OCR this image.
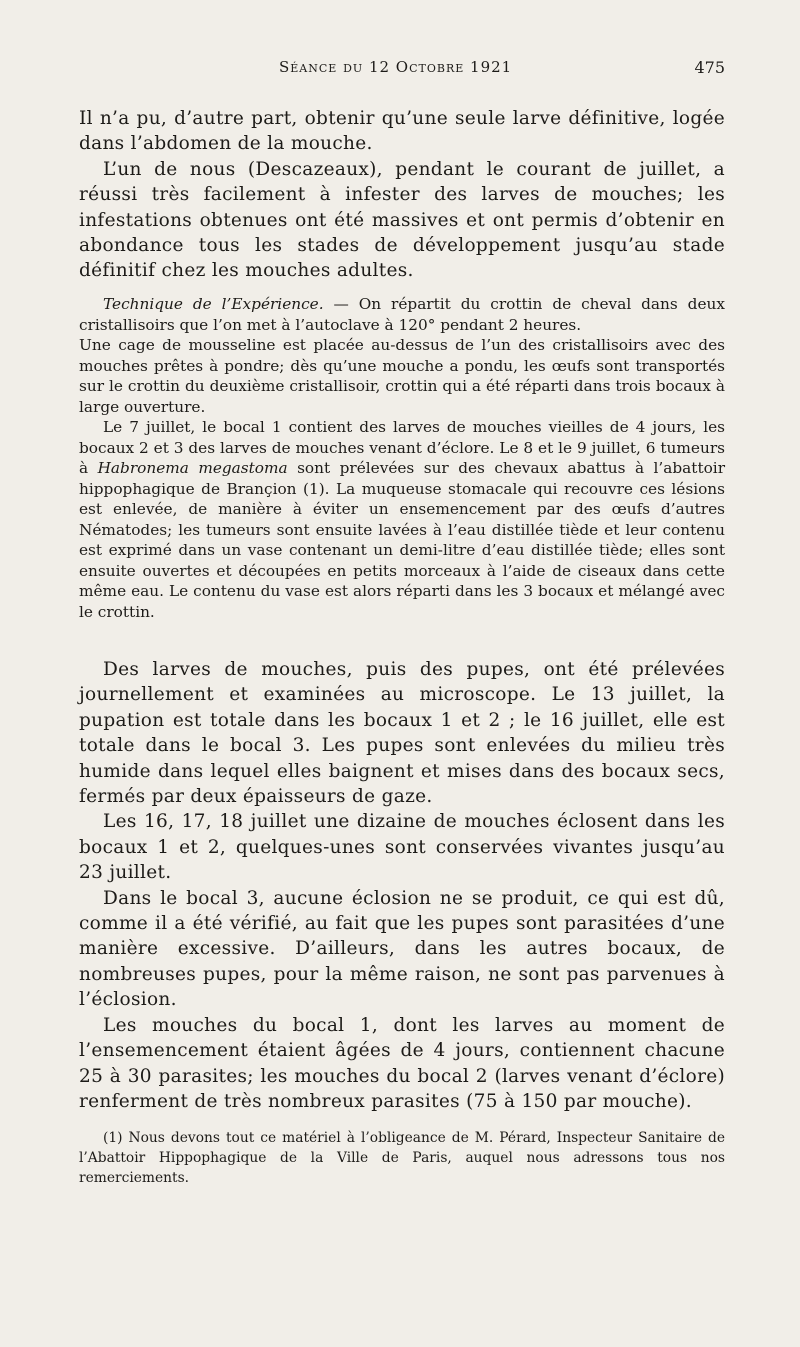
Séance du 12 Octobre 1921	475

Il n’a pu, d’autre part, obtenir qu’une seule larve définitive, logée dans l’abdomen de la mouche.

L’un de nous (Descazeaux), pendant le courant de juillet, a réussi très facilement à infester des larves de mouches; les infestations obtenues ont été massives et ont permis d’obtenir en abondance tous les stades de développement jusqu’au stade définitif chez les mouches adultes.

Technique de l’Expérience. — On répartit du crottin de cheval dans deux cristallisoirs que l’on met à l’autoclave à 120° pendant 2 heures.

Une cage de mousseline est placée au-dessus de l’un des cristallisoirs avec des mouches prêtes à pondre; dès qu’une mouche a pondu, les œufs sont transportés sur le crottin du deuxième cristallisoir, crottin qui a été réparti dans trois bocaux à large ouverture.

Le 7 juillet, le bocal 1 contient des larves de mouches vieilles de 4 jours, les bocaux 2 et 3 des larves de mouches venant d’éclore. Le 8 et le 9 juillet, 6 tumeurs à Habronema megastoma sont prélevées sur des chevaux abattus à l’abattoir hippophagique de Brançion (1). La muqueuse stomacale qui recouvre ces lésions est enlevée, de manière à éviter un ensemencement par des œufs d’autres Nématodes; les tumeurs sont ensuite lavées à l’eau distillée tiède et leur contenu est exprimé dans un vase contenant un demi-litre d’eau distillée tiède; elles sont ensuite ouvertes et découpées en petits morceaux à l’aide de ciseaux dans cette même eau. Le contenu du vase est alors réparti dans les 3 bocaux et mélangé avec le crottin.

Des larves de mouches, puis des pupes, ont été prélevées journellement et examinées au microscope. Le 13 juillet, la pupation est totale dans les bocaux 1 et 2 ; le 16 juillet, elle est totale dans le bocal 3. Les pupes sont enlevées du milieu très humide dans lequel elles baignent et mises dans des bocaux secs, fermés par deux épaisseurs de gaze.

Les 16, 17, 18 juillet une dizaine de mouches éclosent dans les bocaux 1 et 2, quelques-unes sont conservées vivantes jusqu’au 23 juillet.

Dans le bocal 3, aucune éclosion ne se produit, ce qui est dû, comme il a été vérifié, au fait que les pupes sont parasitées d’une manière excessive. D’ailleurs, dans les autres bocaux, de nombreuses pupes, pour la même raison, ne sont pas parvenues à l’éclosion.

Les mouches du bocal 1, dont les larves au moment de l’ensemencement étaient âgées de 4 jours, contiennent chacune 25 à 30 parasites; les mouches du bocal 2 (larves venant d’éclore) renferment de très nombreux parasites (75 à 150 par mouche).

(1) Nous devons tout ce matériel à l’obligeance de M. Pérard, Inspecteur Sanitaire de l’Abattoir Hippophagique de la Ville de Paris, auquel nous adressons tous nos remerciements.
